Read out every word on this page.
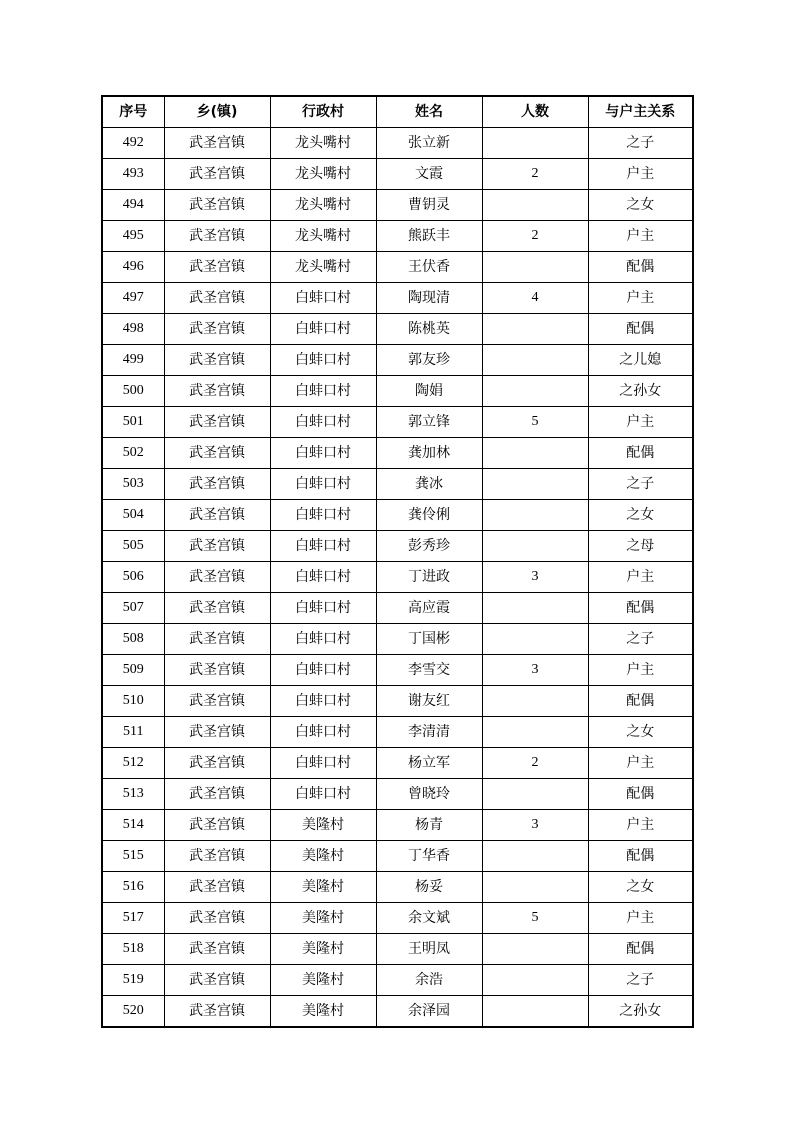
序号	乡(镇)	行政村	姓名	人数	与户主关系
492	武圣宫镇	龙头嘴村	张立新		之子
493	武圣宫镇	龙头嘴村	文霞	2	户主
494	武圣宫镇	龙头嘴村	曹钥灵		之女
495	武圣宫镇	龙头嘴村	熊跃丰	2	户主
496	武圣宫镇	龙头嘴村	王伏香		配偶
497	武圣宫镇	白蚌口村	陶现清	4	户主
498	武圣宫镇	白蚌口村	陈桃英		配偶
499	武圣宫镇	白蚌口村	郭友珍		之儿媳
500	武圣宫镇	白蚌口村	陶娟		之孙女
501	武圣宫镇	白蚌口村	郭立锋	5	户主
502	武圣宫镇	白蚌口村	龚加林		配偶
503	武圣宫镇	白蚌口村	龚冰		之子
504	武圣宫镇	白蚌口村	龚伶俐		之女
505	武圣宫镇	白蚌口村	彭秀珍		之母
506	武圣宫镇	白蚌口村	丁进政	3	户主
507	武圣宫镇	白蚌口村	高应霞		配偶
508	武圣宫镇	白蚌口村	丁国彬		之子
509	武圣宫镇	白蚌口村	李雪交	3	户主
510	武圣宫镇	白蚌口村	谢友红		配偶
511	武圣宫镇	白蚌口村	李清清		之女
512	武圣宫镇	白蚌口村	杨立军	2	户主
513	武圣宫镇	白蚌口村	曾晓玲		配偶
514	武圣宫镇	美隆村	杨青	3	户主
515	武圣宫镇	美隆村	丁华香		配偶
516	武圣宫镇	美隆村	杨妥		之女
517	武圣宫镇	美隆村	余文斌	5	户主
518	武圣宫镇	美隆村	王明凤		配偶
519	武圣宫镇	美隆村	余浩		之子
520	武圣宫镇	美隆村	余泽园		之孙女
